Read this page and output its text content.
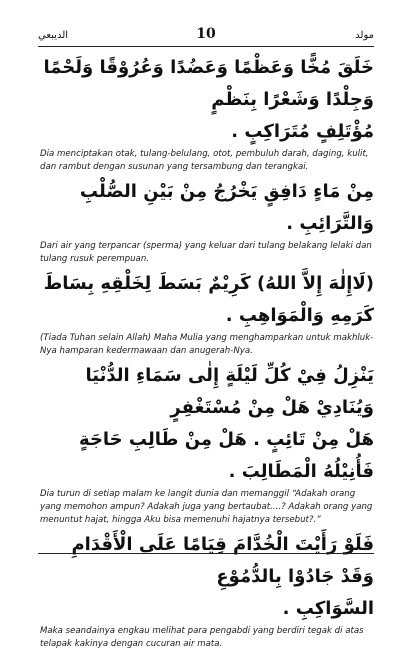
الديبعي	10	مولد

خَلَقَ مُخًّا وَعَظْمًا وَعَضُدًا وَعُرُوْقًا وَلَحْمًا وَجِلْدًا وَشَعْرًا بِنَظْمٍ

مُؤْتَلِفٍ مُتَرَاكِبٍ .

Dia menciptakan otak, tulang-belulang, otot, pembuluh darah, daging, kulit, dan rambut dengan susunan yang tersambung dan terangkai.

مِنْ مَاءٍ دَافِقٍ يَخْرُجُ مِنْ بَيْنِ الصُّلْبِ وَالتَّرَائِبِ .

Dari air yang terpancar (sperma) yang keluar dari tulang belakang lelaki dan tulang rusuk perempuan.

(لَاإِلٰهَ إِلاَّ اللهُ) كَرِيْمٌ بَسَطَ لِخَلْقِهِ بِسَاطَ كَرَمِهِ وَالْمَوَاهِبِ .

(Tiada Tuhan selain Allah) Maha Mulia yang menghamparkan untuk makhluk-Nya hamparan kedermawaan dan anugerah-Nya.

يَنْزِلُ فِيْ كُلِّ لَيْلَةٍ إِلٰى سَمَاءِ الدُّنْيَا وَيُنَادِيْ هَلْ مِنْ مُسْتَغْفِرٍ

هَلْ مِنْ تَائِبٍ . هَلْ مِنْ طَالِبِ حَاجَةٍ فَأُنِيْلُهُ الْمَطَالِبَ .

Dia turun di setiap malam ke langit dunia dan memanggil “Adakah orang yang memohon ampun? Adakah juga yang bertaubat....? Adakah orang yang menuntut hajat, hingga Aku bisa memenuhi hajatnya tersebut?.”

فَلَوْ رَأَيْتَ الْخُدَّامَ قِيَامًا عَلَى الْأَقْدَامِ وَقَدْ جَادُوْا بِالدُّمُوْعِ

السَّوَاكِبِ .

Maka seandainya engkau melihat para pengabdi yang berdiri tegak di atas telapak kakinya dengan cucuran air mata.
